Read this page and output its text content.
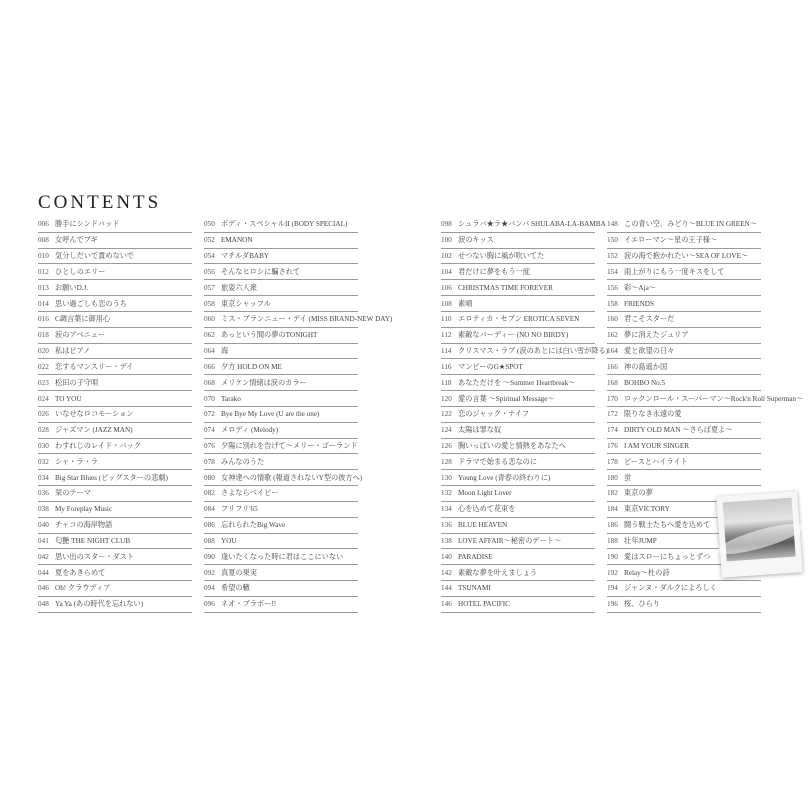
CONTENTS
006 勝手にシンドバッド
008 女呼んでブギ
010 気分しだいで責めないで
012 ひとしのエリー
013 お願いD.J.
014 思い過ごしも恋のうち
016 C調言葉に御用心
018 涙のアベニュー
020 私はピアノ
022 恋するマンスリー・デイ
023 松田の子守唄
024 TO YOU
026 いなせなロコモーション
028 ジャズマン (JAZZ MAN)
030 わすれじのレイド・バック
032 シャ・ラ・ラ
034 Big Star Blues (ビッグスターの悲劇)
036 栞のテーマ
038 My Foreplay Music
040 チャコの海岸物語
041 匂艶 THE NIGHT CLUB
042 思い出のスター・ダスト
044 夏をあきらめて
046 Oh! クラウディア
048 Ya Ya (あの時代を忘れない)
050 ボディ・スペシャルII (BODY SPECIAL)
052 EMANON
054 マチルダBABY
056 そんなヒロシに騙されて
057 旅姿六人衆
058 東京シャッフル
060 ミス・ブランニュー・デイ (MISS BRAND-NEW DAY)
062 あっという間の夢のTONIGHT
064 海
066 夕方 HOLD ON ME
068 メリケン情緒は涙のカラー
070 Tarako
072 Bye Bye My Love (U are the one)
074 メロディ (Melody)
076 夕陽に別れを告げて〜メリー・ゴーランド
078 みんなのうた
080 女神達への情歌 (報道されないY型の彼方へ)
082 さよならベイビー
084 フリフリ'65
086 忘れられたBig Wave
088 YOU
090 逢いたくなった時に君はここにいない
092 真夏の果実
094 希望の轍
096 ネオ・ブラボー!!
098 シュラバ★ラ★バンバ SHULABA-LA-BAMBA
100 涙のキッス
102 せつない胸に風が吹いてた
104 君だけに夢をもう一度
106 CHRISTMAS TIME FOREVER
108 素晴
110 エロティカ・セブン EROTICA SEVEN
112 素敵なバーディー (NO NO BIRDY)
114 クリスマス・ラブ (涙のあとには白い雪が降る)
116 マンピーのG★SPOT
118 あなただけを 〜Summer Heartbreak〜
120 愛の言葉 〜Spiritual Message〜
122 恋のジャック・ナイフ
124 太陽は罪な奴
126 胸いっぱいの愛と情熱をあなたへ
128 ドラマで始まる恋なのに
130 Young Love (青春の終わりに)
132 Moon Light Lover
134 心を込めて花束を
136 BLUE HEAVEN
138 LOVE AFFAIR〜秘密のデート〜
140 PARADISE
142 素敵な夢を叶えましょう
144 TSUNAMI
146 HOTEL PACIFIC
148 この青い空、みどり〜BLUE IN GREEN〜
150 イエローマン〜星の王子様〜
152 涙の海で抱かれたい〜SEA OF LOVE〜
154 雨上がりにもう一度キスをして
156 彩〜Aja〜
158 FRIENDS
160 君こそスターだ
162 夢に消えたジュリア
164 愛と欲望の日々
166 神の島遥か国
168 BOHBO No.5
170 ロックンロール・スーパーマン〜Rock'n Roll Superman〜
172 限りなき永遠の愛
174 DIRTY OLD MAN 〜さらば夏よ〜
176 I AM YOUR SINGER
178 ピースとハイライト
180 蛍
182 東京の夢
184 東京VICTORY
186 闘う戦士たちへ愛を込めて
188 壮年JUMP
190 愛はスローにちょっとずつ
192 Relay〜杜の詩
194 ジャンヌ・ダルクによろしく
196 桜、ひらり
